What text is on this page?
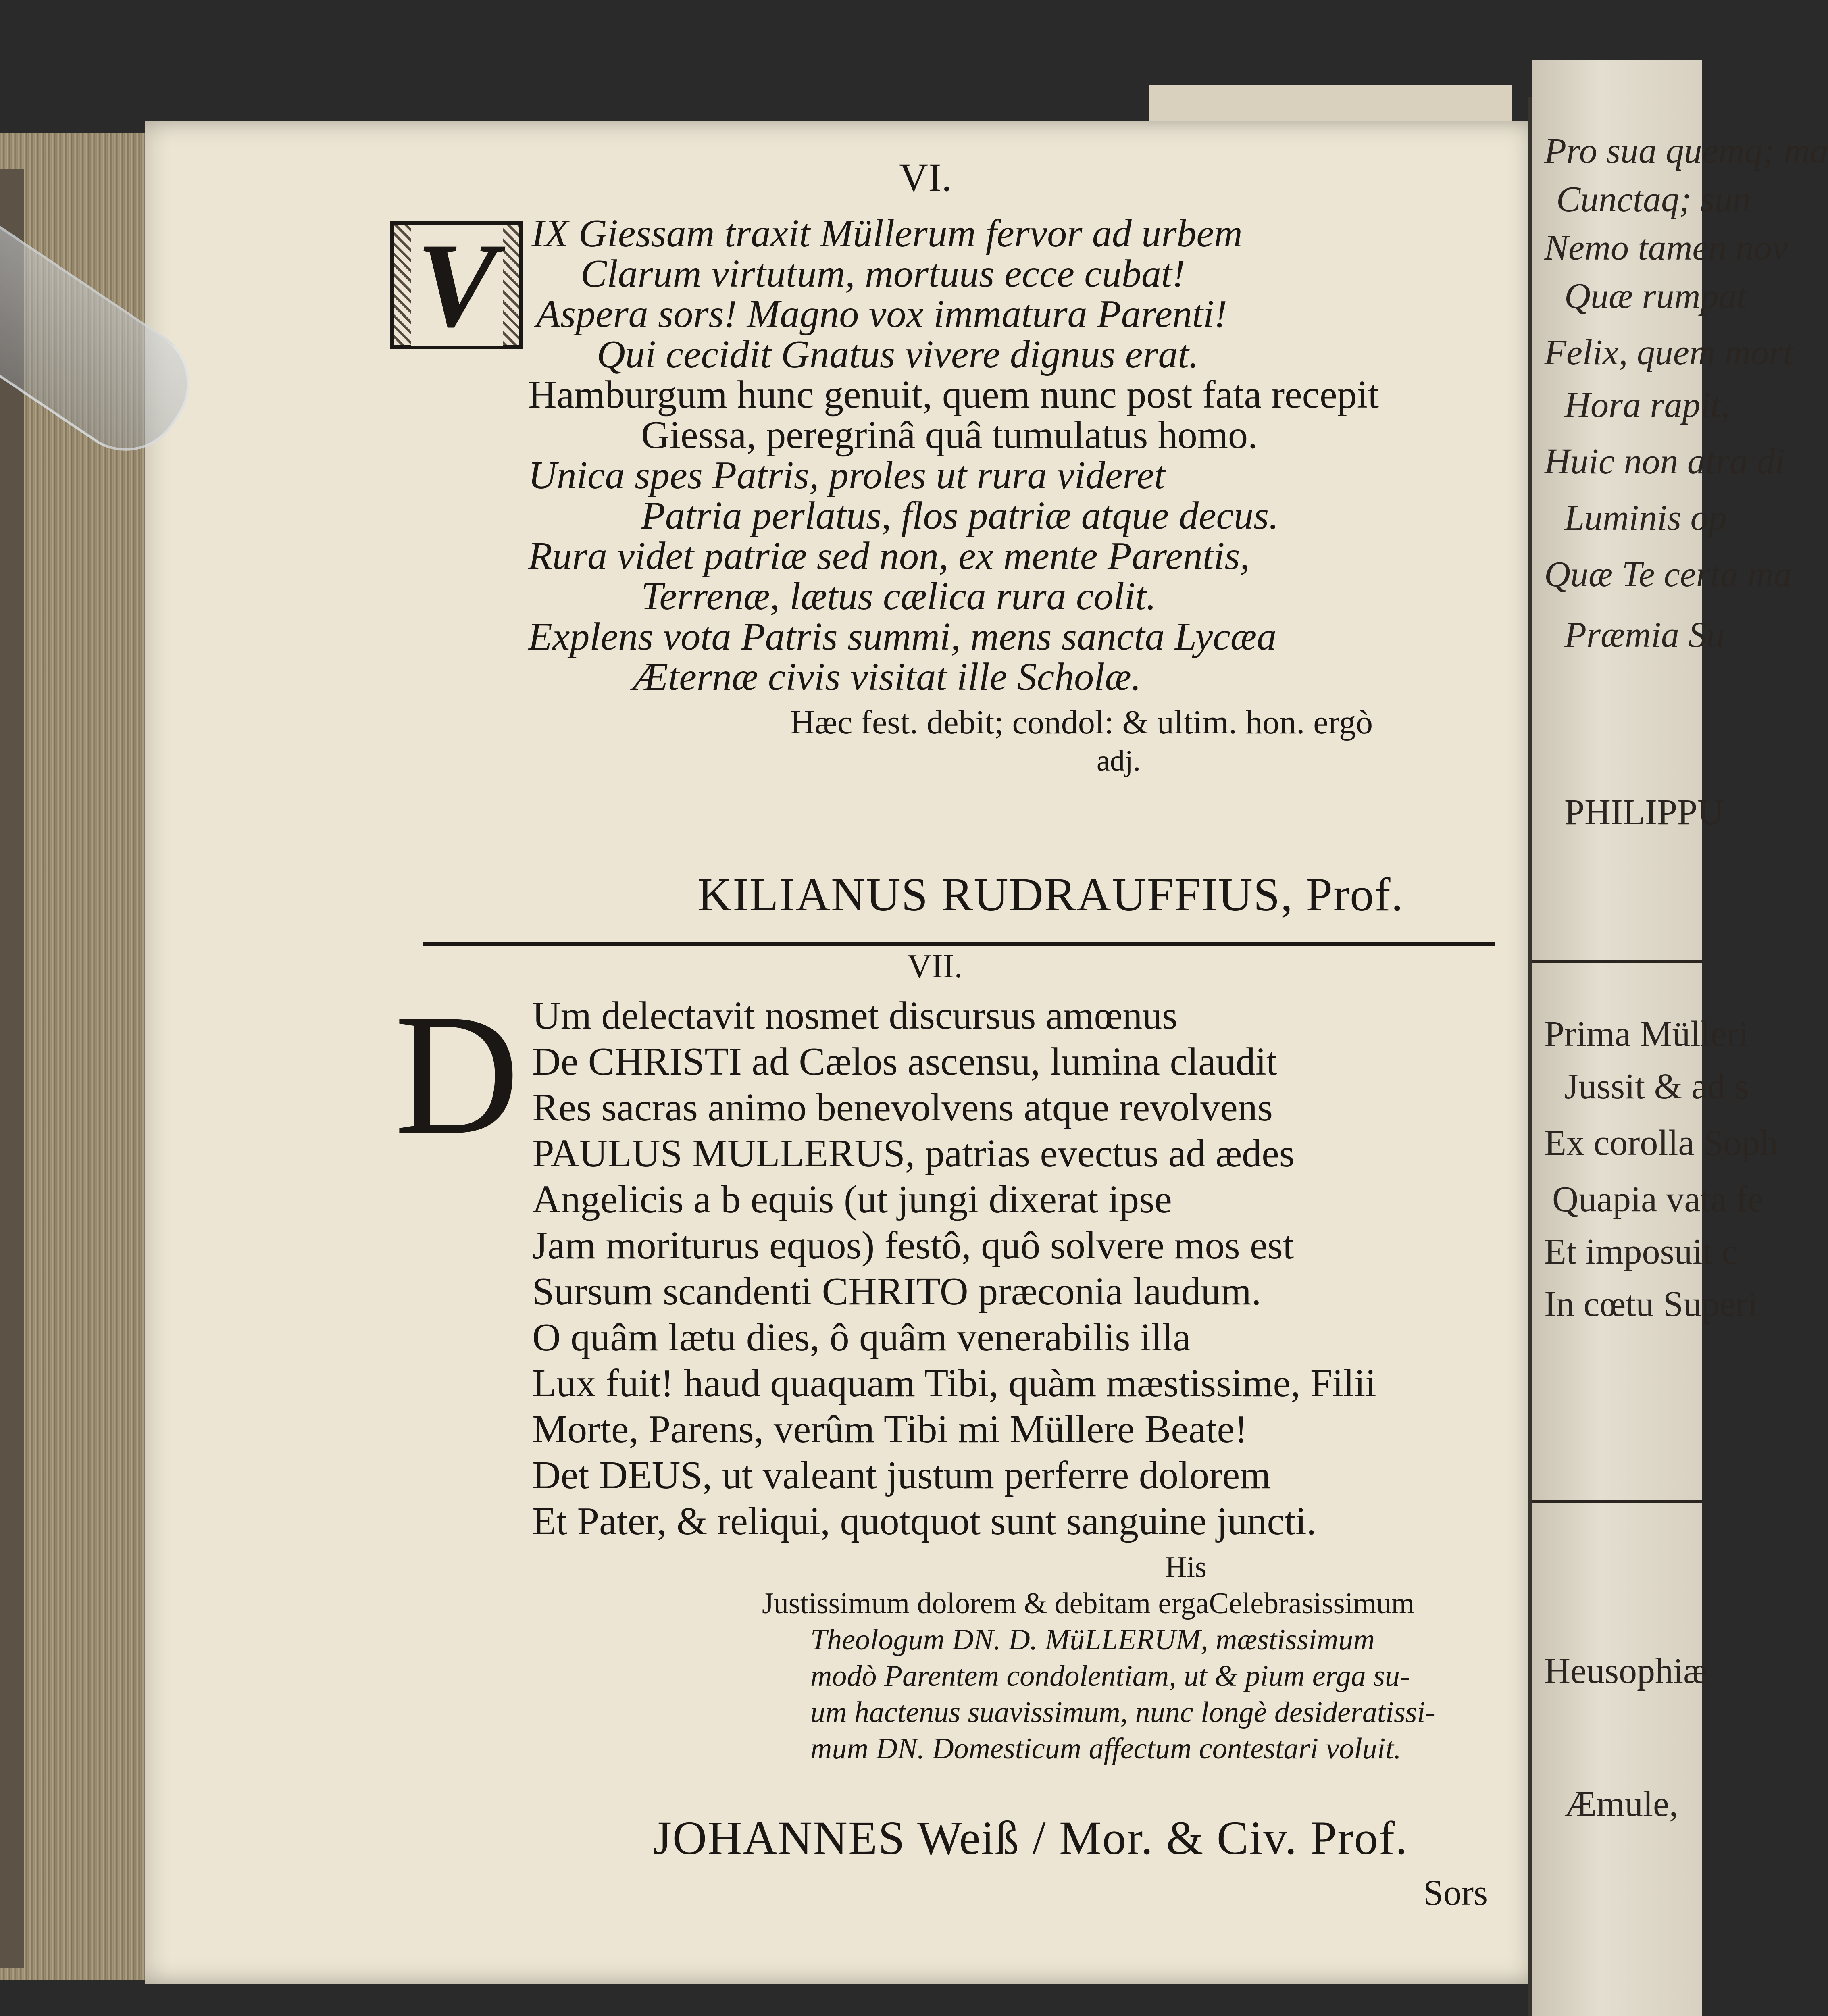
VI.
V IX Giessam traxit Müllerum fervor ad urbem
Clarum virtutum, mortuus ecce cubat!
Aspera sors! Magno vox immatura Parenti!
Qui cecidit Gnatus vivere dignus erat.
Hamburgum hunc genuit, quem nunc post fata recepit
Giessa, peregrinâ quâ tumulatus homo.
Unica spes Patris, proles ut rura videret
Patria perlatus, flos patriæ atque decus.
Rura videt patriæ sed non, ex mente Parentis,
Terrenæ, lætus cælica rura colit.
Explens vota Patris summi, mens sancta Lycæa
Æternæ civis visitat ille Scholæ.
Hæc fest. debit; condol: & ultim. hon. ergò
adj.
KILIANUS RUDRAUFFIUS, Prof.
VII.
D Um delectavit nosmet discursus amœnus
De CHRISTI ad Cælos ascensu, lumina claudit
Res sacras animo benevolvens atque revolvens
PAULUS MULLERUS, patrias evectus ad ædes
Angelicis a b equis (ut jungi dixerat ipse
Jam moriturus equos) festô, quô solvere mos est
Sursum scandenti CHRITO præconia laudum.
O quâm lætu dies, ô quâm venerabilis illa
Lux fuit! haud quaquam Tibi, quàm mæstissime, Filii
Morte, Parens, verûm Tibi mi Müllere Beate!
Det DEUS, ut valeant justum perferre dolorem
Et Pater, & reliqui, quotquot sunt sanguine juncti.
His
Justissimum dolorem & debitam ergaCelebrasissimum
Theologum DN. D. MüLLERUM, mæstissimum
modò Parentem condolentiam, ut & pium erga su-
um hactenus suavissimum, nunc longè desideratissi-
mum DN. Domesticum affectum contestari voluit.
JOHANNES Weiß / Mor. & Civ. Prof.
Sors
Pro sua quemq; ma
Cunctaq; sun
Nemo tamen nov
Quæ rumpat
Felix, quem mort
Hora rapit,
Huic non atra di
Luminis op
Quæ Te certa ma
Præmia Su
PHILIPPU
Prima Mülleri
Jussit & ad s
Ex corolla Soph
Quapia vata fe
Et imposuit c
In cœtu Superi
Heusophiæ
Æmule,
